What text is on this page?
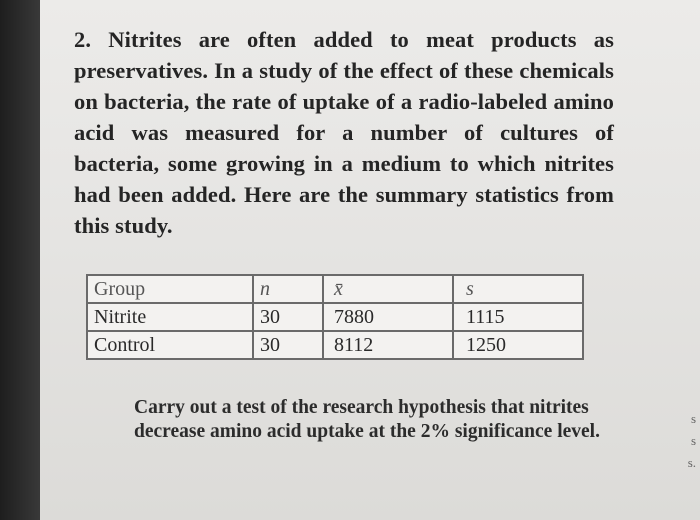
2. Nitrites are often added to meat products as preservatives. In a study of the effect of these chemicals on bacteria, the rate of uptake of a radio-labeled amino acid was measured for a number of cultures of bacteria, some growing in a medium to which nitrites had been added. Here are the summary statistics from this study.
Group	n	x̄	s
Nitrite	30	7880	1115
Control	30	8112	1250
Carry out a test of the research hypothesis that nitrites decrease amino acid uptake at the 2% significance level.
s
s
s.
